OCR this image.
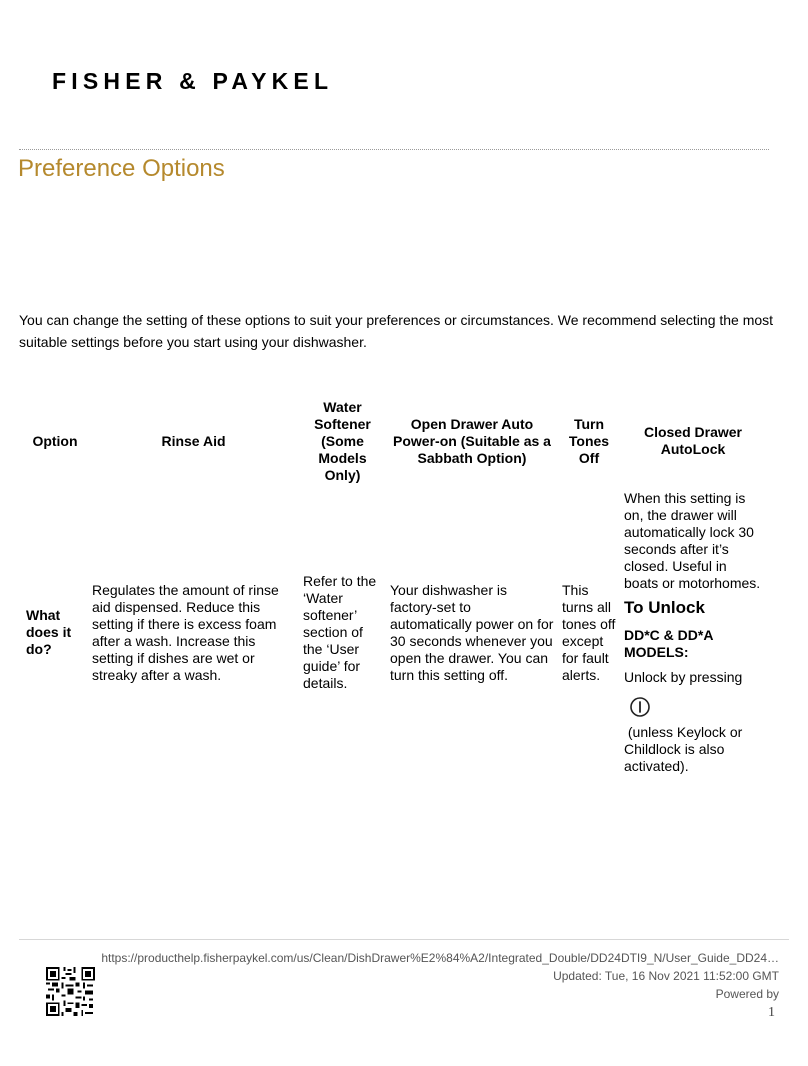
FISHER & PAYKEL
Preference Options

You can change the setting of these options to suit your preferences or circumstances. We recommend selecting the most suitable settings before you start using your dishwasher.

Option	Rinse Aid	Water Softener (Some Models Only)	Open Drawer Auto Power-on (Suitable as a Sabbath Option)	Turn Tones Off	Closed Drawer AutoLock
What does it do?	Regulates the amount of rinse aid dispensed. Reduce this setting if there is excess foam after a wash. Increase this setting if dishes are wet or streaky after a wash.	Refer to the ‘Water softener’ section of the ‘User guide’ for details.	Your dishwasher is factory-set to automatically power on for 30 seconds whenever you open the drawer. You can turn this setting off.	This turns all tones off except for fault alerts.	When this setting is on, the drawer will automatically lock 30 seconds after it’s closed. Useful in boats or motorhomes.
To Unlock
DD*C & DD*A MODELS:
Unlock by pressing
(unless Keylock or Childlock is also activated).
https://producthelp.fisherpaykel.com/us/Clean/DishDrawer%E2%84%A2/Integrated_Double/DD24DTI9_N/User_Guide_DD24…
Updated: Tue, 16 Nov 2021 11:52:00 GMT
Powered by
1
